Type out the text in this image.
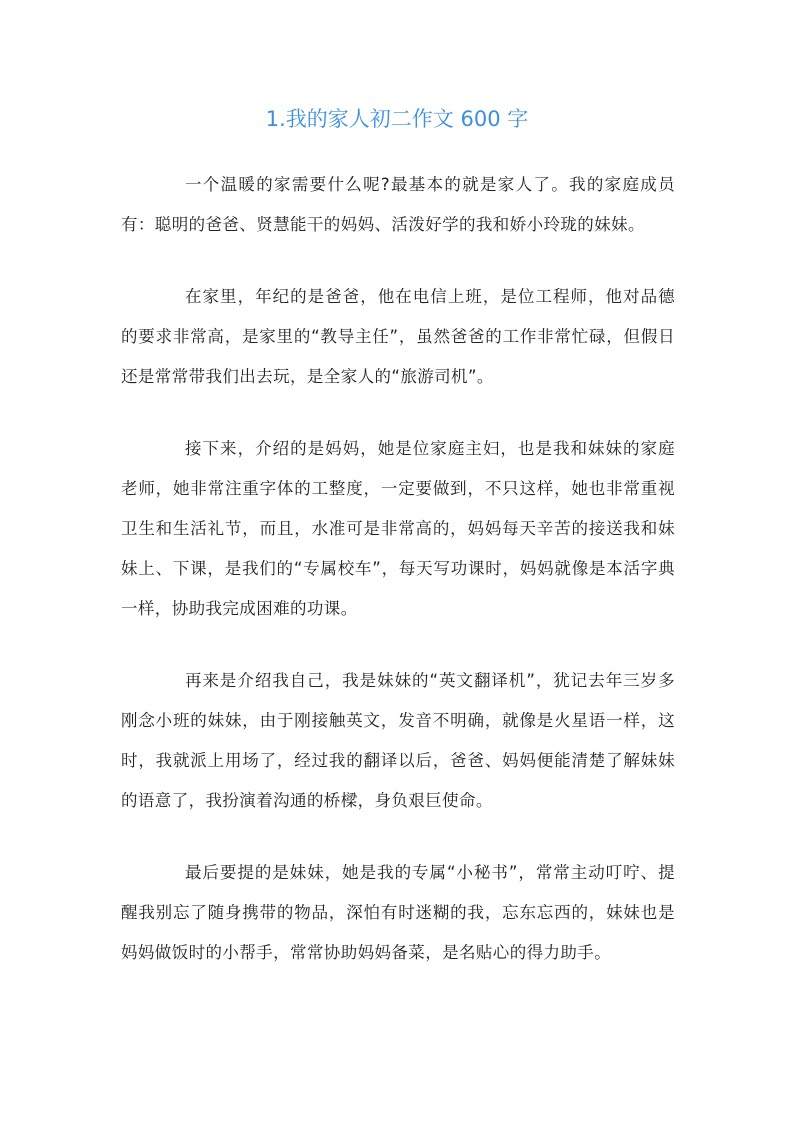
1.我的家人初二作文 600 字

一个温暖的家需要什么呢?最基本的就是家人了。我的家庭成员有：聪明的爸爸、贤慧能干的妈妈、活泼好学的我和娇小玲珑的妹妹。

在家里，年纪的是爸爸，他在电信上班，是位工程师，他对品德的要求非常高，是家里的“教导主任”，虽然爸爸的工作非常忙碌，但假日还是常常带我们出去玩，是全家人的“旅游司机”。

接下来，介绍的是妈妈，她是位家庭主妇，也是我和妹妹的家庭老师，她非常注重字体的工整度，一定要做到，不只这样，她也非常重视卫生和生活礼节，而且，水准可是非常高的，妈妈每天辛苦的接送我和妹妹上、下课，是我们的“专属校车”，每天写功课时，妈妈就像是本活字典一样，协助我完成困难的功课。

再来是介绍我自己，我是妹妹的“英文翻译机”，犹记去年三岁多刚念小班的妹妹，由于刚接触英文，发音不明确，就像是火星语一样，这时，我就派上用场了，经过我的翻译以后，爸爸、妈妈便能清楚了解妹妹的语意了，我扮演着沟通的桥樑，身负艰巨使命。

最后要提的是妹妹，她是我的专属“小秘书”，常常主动叮咛、提醒我别忘了随身携带的物品，深怕有时迷糊的我，忘东忘西的，妹妹也是妈妈做饭时的小帮手，常常协助妈妈备菜，是名贴心的得力助手。
